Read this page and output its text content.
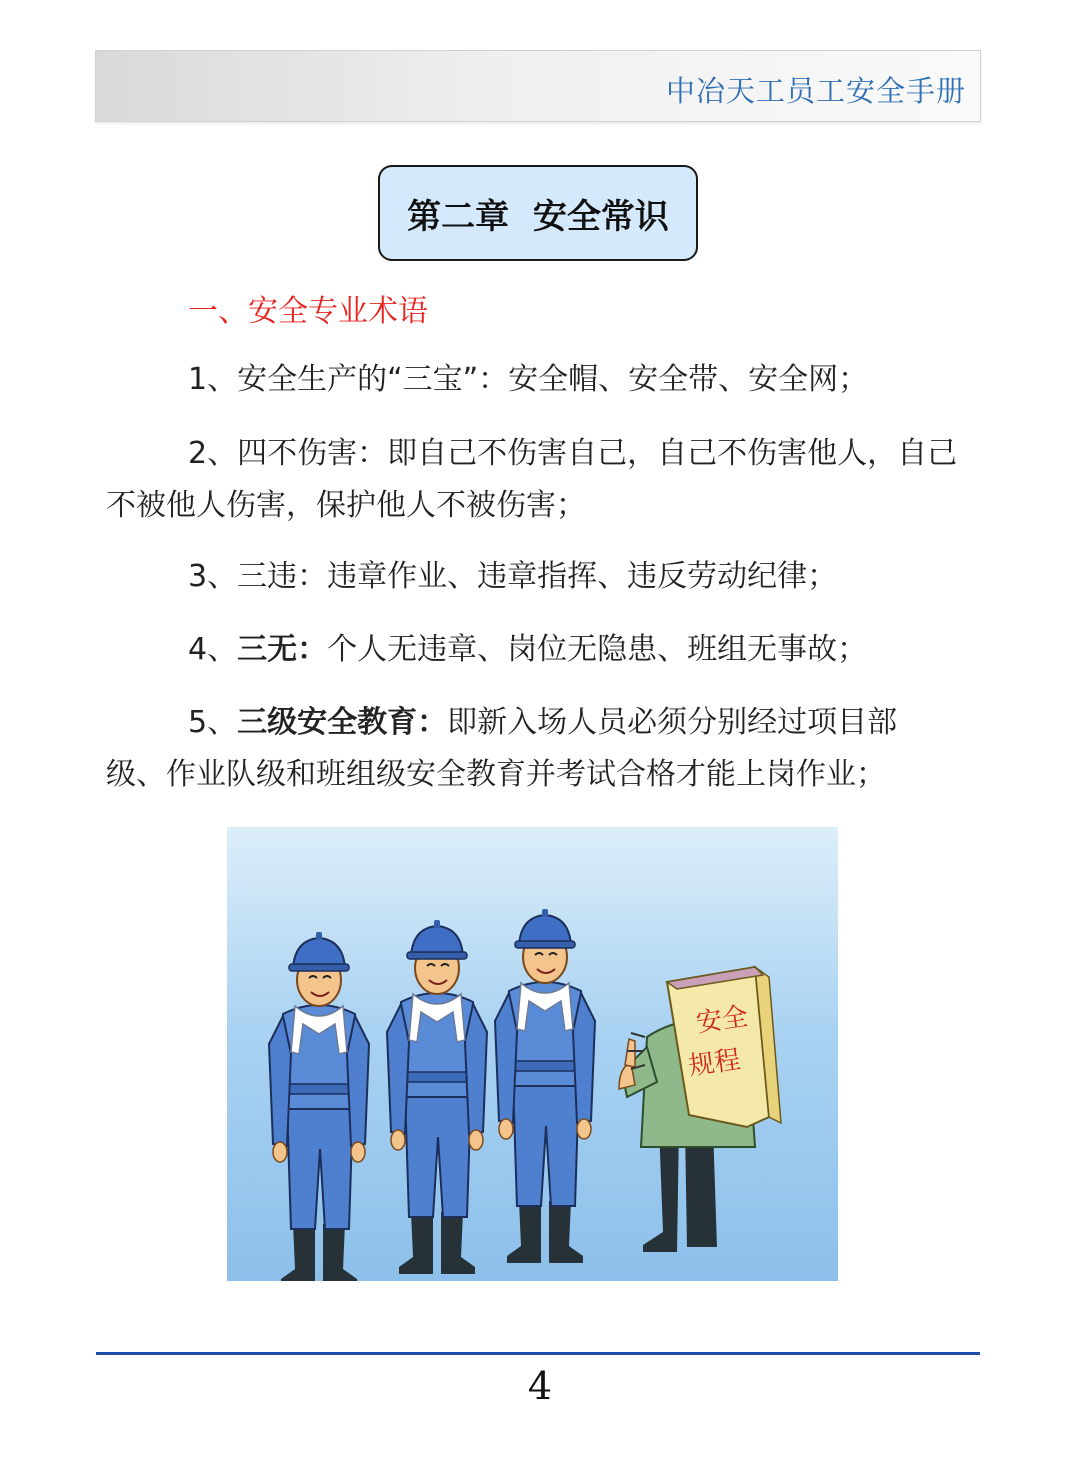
中冶天工员工安全手册
第二章  安全常识
一、安全专业术语

1、安全生产的“三宝”：安全帽、安全带、安全网；

2、四不伤害：即自己不伤害自己，自己不伤害他人，自己不被他人伤害，保护他人不被伤害；

3、三违：违章作业、违章指挥、违反劳动纪律；

4、三无：个人无违章、岗位无隐患、班组无事故；

5、三级安全教育：即新入场人员必须分别经过项目部级、作业队级和班组级安全教育并考试合格才能上岗作业；

安全
规程
4
